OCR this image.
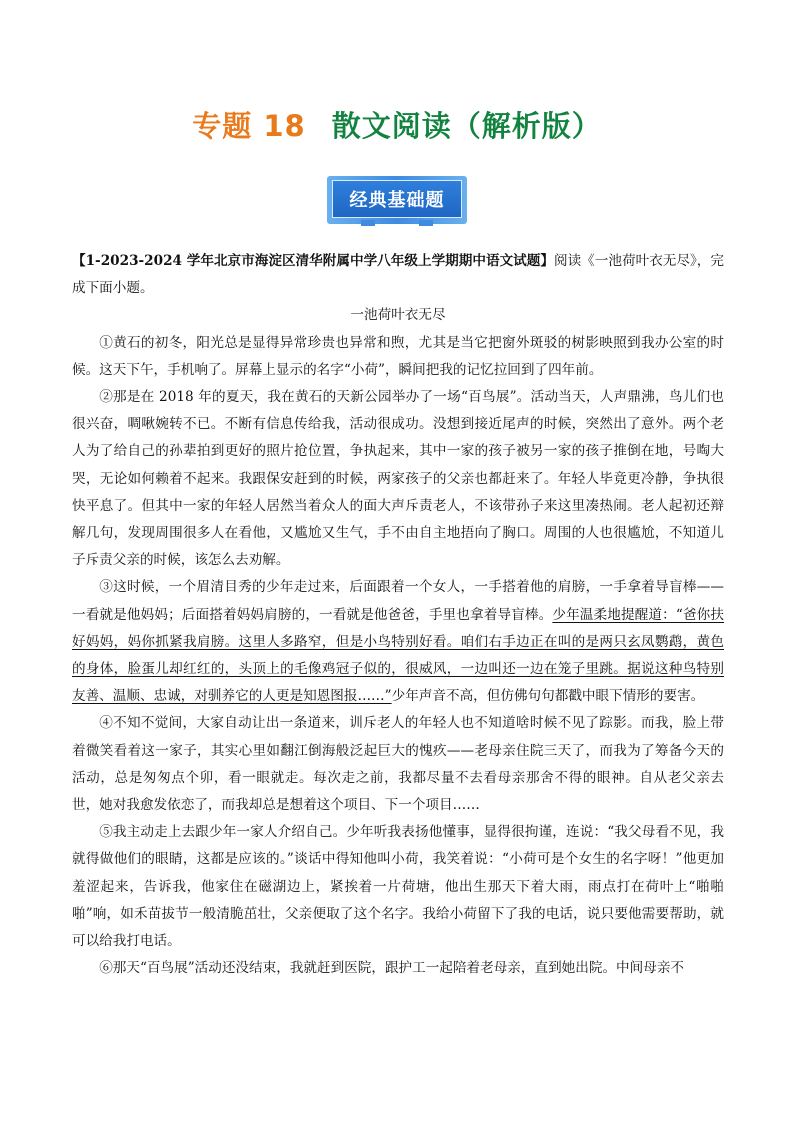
专题 18 散文阅读（解析版）
经典基础题

【1-2023-2024 学年北京市海淀区清华附属中学八年级上学期期中语文试题】阅读《一池荷叶衣无尽》，完成下面小题。

一池荷叶衣无尽

①黄石的初冬，阳光总是显得异常珍贵也异常和煦，尤其是当它把窗外斑驳的树影映照到我办公室的时候。这天下午，手机响了。屏幕上显示的名字“小荷”，瞬间把我的记忆拉回到了四年前。

②那是在 2018 年的夏天，我在黄石的天新公园举办了一场“百鸟展”。活动当天，人声鼎沸，鸟儿们也很兴奋，啁啾婉转不已。不断有信息传给我，活动很成功。没想到接近尾声的时候，突然出了意外。两个老人为了给自己的孙辈拍到更好的照片抢位置，争执起来，其中一家的孩子被另一家的孩子推倒在地，号啕大哭，无论如何赖着不起来。我跟保安赶到的时候，两家孩子的父亲也都赶来了。年轻人毕竟更冷静，争执很快平息了。但其中一家的年轻人居然当着众人的面大声斥责老人，不该带孙子来这里凑热闹。老人起初还辩解几句，发现周围很多人在看他，又尴尬又生气，手不由自主地捂向了胸口。周围的人也很尴尬，不知道儿子斥责父亲的时候，该怎么去劝解。

③这时候，一个眉清目秀的少年走过来，后面跟着一个女人，一手搭着他的肩膀，一手拿着导盲棒——一看就是他妈妈；后面搭着妈妈肩膀的，一看就是他爸爸，手里也拿着导盲棒。少年温柔地提醒道：“爸你扶好妈妈，妈你抓紧我肩膀。这里人多路窄，但是小鸟特别好看。咱们右手边正在叫的是两只玄凤鹦鹉，黄色的身体，脸蛋儿却红红的，头顶上的毛像鸡冠子似的，很威风，一边叫还一边在笼子里跳。据说这种鸟特别友善、温顺、忠诚，对驯养它的人更是知恩图报……”少年声音不高，但仿佛句句都戳中眼下情形的要害。

④不知不觉间，大家自动让出一条道来，训斥老人的年轻人也不知道啥时候不见了踪影。而我，脸上带着微笑看着这一家子，其实心里如翻江倒海般泛起巨大的愧疚——老母亲住院三天了，而我为了筹备今天的活动，总是匆匆点个卯，看一眼就走。每次走之前，我都尽量不去看母亲那舍不得的眼神。自从老父亲去世，她对我愈发依恋了，而我却总是想着这个项目、下一个项目……

⑤我主动走上去跟少年一家人介绍自己。少年听我表扬他懂事，显得很拘谨，连说：“我父母看不见，我就得做他们的眼睛，这都是应该的。”谈话中得知他叫小荷，我笑着说：“小荷可是个女生的名字呀！”他更加羞涩起来，告诉我，他家住在磁湖边上，紧挨着一片荷塘，他出生那天下着大雨，雨点打在荷叶上“啪啪啪”响，如禾苗拔节一般清脆茁壮，父亲便取了这个名字。我给小荷留下了我的电话，说只要他需要帮助，就可以给我打电话。

⑥那天“百鸟展”活动还没结束，我就赶到医院，跟护工一起陪着老母亲，直到她出院。中间母亲不
